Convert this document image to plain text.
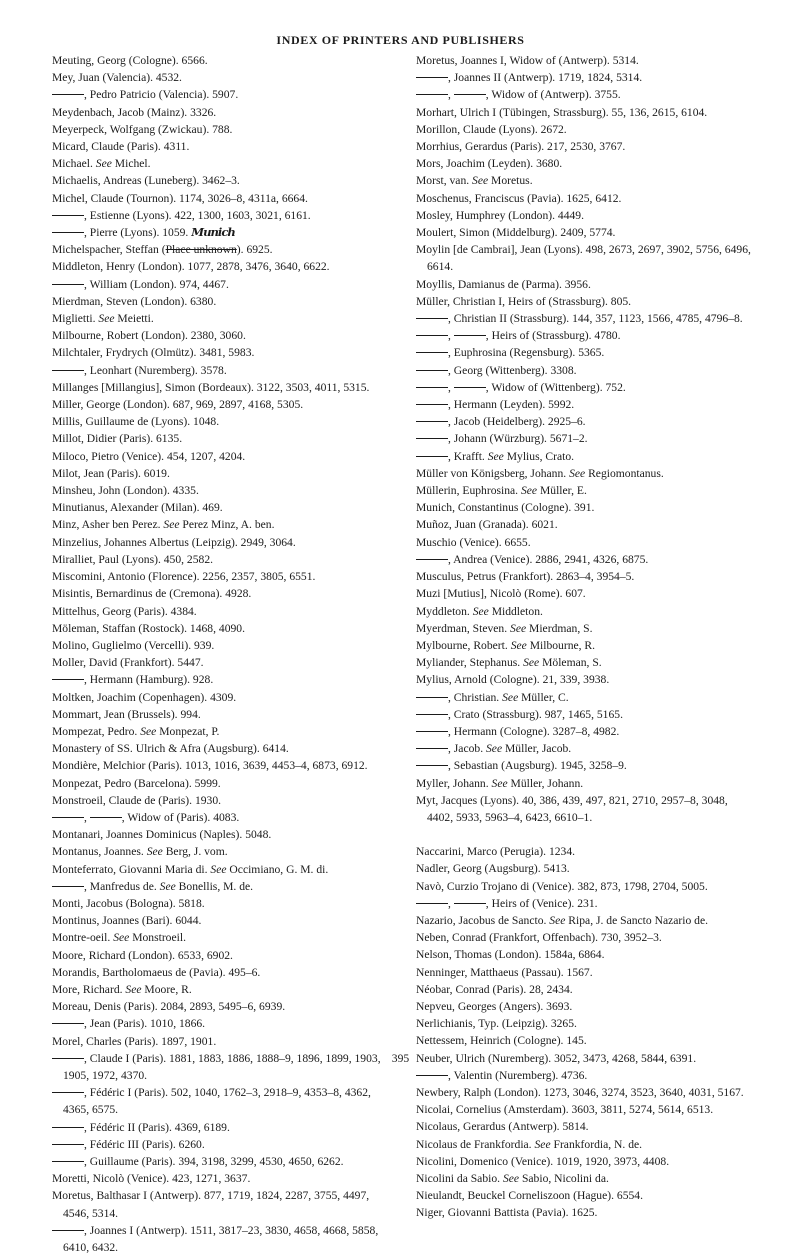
INDEX OF PRINTERS AND PUBLISHERS
Meuting, Georg (Cologne). 6566.
Mey, Juan (Valencia). 4532.
, Pedro Patricio (Valencia). 5907.
Meydenbach, Jacob (Mainz). 3326.
Meyerpeck, Wolfgang (Zwickau). 788.
Micard, Claude (Paris). 4311.
Michael. See Michel.
Michaelis, Andreas (Luneberg). 3462–3.
Michel, Claude (Tournon). 1174, 3026–8, 4311a, 6664.
, Estienne (Lyons). 422, 1300, 1603, 3021, 6161.
, Pierre (Lyons). 1059. Munich
Michelspacher, Steffan (Place unknown). 6925.
Middleton, Henry (London). 1077, 2878, 3476, 3640, 6622.
, William (London). 974, 4467.
Mierdman, Steven (London). 6380.
Miglietti. See Meietti.
Milbourne, Robert (London). 2380, 3060.
Milchtaler, Frydrych (Olmütz). 3481, 5983.
, Leonhart (Nuremberg). 3578.
Millanges [Millangius], Simon (Bordeaux). 3122, 3503, 4011, 5315.
Miller, George (London). 687, 969, 2897, 4168, 5305.
Millis, Guillaume de (Lyons). 1048.
Millot, Didier (Paris). 6135.
Miloco, Pietro (Venice). 454, 1207, 4204.
Milot, Jean (Paris). 6019.
Minsheu, John (London). 4335.
Minutianus, Alexander (Milan). 469.
Minz, Asher ben Perez. See Perez Minz, A. ben.
Minzelius, Johannes Albertus (Leipzig). 2949, 3064.
Miralliet, Paul (Lyons). 450, 2582.
Miscomini, Antonio (Florence). 2256, 2357, 3805, 6551.
Misintis, Bernardinus de (Cremona). 4928.
Mittelhus, Georg (Paris). 4384.
Möleman, Staffan (Rostock). 1468, 4090.
Molino, Guglielmo (Vercelli). 939.
Moller, David (Frankfort). 5447.
, Hermann (Hamburg). 928.
Moltken, Joachim (Copenhagen). 4309.
Mommart, Jean (Brussels). 994.
Mompezat, Pedro. See Monpezat, P.
Monastery of SS. Ulrich & Afra (Augsburg). 6414.
Mondière, Melchior (Paris). 1013, 1016, 3639, 4453–4, 6873, 6912.
Monpezat, Pedro (Barcelona). 5999.
Monstroeil, Claude de (Paris). 1930.
,	, Widow of (Paris). 4083.
Montanari, Joannes Dominicus (Naples). 5048.
Montanus, Joannes. See Berg, J. vom.
Monteferrato, Giovanni Maria di. See Occimiano, G. M. di.
, Manfredus de. See Bonellis, M. de.
Monti, Jacobus (Bologna). 5818.
Montinus, Joannes (Bari). 6044.
Montre-oeil. See Monstroeil.
Moore, Richard (London). 6533, 6902.
Morandis, Bartholomaeus de (Pavia). 495–6.
More, Richard. See Moore, R.
Moreau, Denis (Paris). 2084, 2893, 5495–6, 6939.
, Jean (Paris). 1010, 1866.
Morel, Charles (Paris). 1897, 1901.
, Claude I (Paris). 1881, 1883, 1886, 1888–9, 1896, 1899, 1903, 1905, 1972, 4370.
, Fédéric I (Paris). 502, 1040, 1762–3, 2918–9, 4353–8, 4362, 4365, 6575.
, Fédéric II (Paris). 4369, 6189.
, Fédéric III (Paris). 6260.
, Guillaume (Paris). 394, 3198, 3299, 4530, 4650, 6262.
Moretti, Nicolò (Venice). 423, 1271, 3637.
Moretus, Balthasar I (Antwerp). 877, 1719, 1824, 2287, 3755, 4497, 4546, 5314.
, Joannes I (Antwerp). 1511, 3817–23, 3830, 4658, 4668, 5858, 6410, 6432.
Moretus, Joannes I, Widow of (Antwerp). 5314.
, Joannes II (Antwerp). 1719, 1824, 5314.
,	, Widow of (Antwerp). 3755.
Morhart, Ulrich I (Tübingen, Strassburg). 55, 136, 2615, 6104.
Morillon, Claude (Lyons). 2672.
Morrhius, Gerardus (Paris). 217, 2530, 3767.
Mors, Joachim (Leyden). 3680.
Morst, van. See Moretus.
Moschenus, Franciscus (Pavia). 1625, 6412.
Mosley, Humphrey (London). 4449.
Moulert, Simon (Middelburg). 2409, 5774.
Moylin [de Cambrai], Jean (Lyons). 498, 2673, 2697, 3902, 5756, 6496, 6614.
Moyllis, Damianus de (Parma). 3956.
Müller, Christian I, Heirs of (Strassburg). 805.
, Christian II (Strassburg). 144, 357, 1123, 1566, 4785, 4796–8.
,	, Heirs of (Strassburg). 4780.
, Euphrosina (Regensburg). 5365.
, Georg (Wittenberg). 3308.
,	, Widow of (Wittenberg). 752.
, Hermann (Leyden). 5992.
, Jacob (Heidelberg). 2925–6.
, Johann (Würzburg). 5671–2.
, Krafft. See Mylius, Crato.
Müller von Königsberg, Johann. See Regiomontanus.
Müllerin, Euphrosina. See Müller, E.
Munich, Constantinus (Cologne). 391.
Muñoz, Juan (Granada). 6021.
Muschio (Venice). 6655.
, Andrea (Venice). 2886, 2941, 4326, 6875.
Musculus, Petrus (Frankfort). 2863–4, 3954–5.
Muzi [Mutius], Nicolò (Rome). 607.
Myddleton. See Middleton.
Myerdman, Steven. See Mierdman, S.
Mylbourne, Robert. See Milbourne, R.
Myliander, Stephanus. See Möleman, S.
Mylius, Arnold (Cologne). 21, 339, 3938.
, Christian. See Müller, C.
, Crato (Strassburg). 987, 1465, 5165.
, Hermann (Cologne). 3287–8, 4982.
, Jacob. See Müller, Jacob.
, Sebastian (Augsburg). 1945, 3258–9.
Myller, Johann. See Müller, Johann.
Myt, Jacques (Lyons). 40, 386, 439, 497, 821, 2710, 2957–8, 3048, 4402, 5933, 5963–4, 6423, 6610–1.
Naccarini, Marco (Perugia). 1234.
Nadler, Georg (Augsburg). 5413.
Navò, Curzio Trojano di (Venice). 382, 873, 1798, 2704, 5005.
,	, Heirs of (Venice). 231.
Nazario, Jacobus de Sancto. See Ripa, J. de Sancto Nazario de.
Neben, Conrad (Frankfort, Offenbach). 730, 3952–3.
Nelson, Thomas (London). 1584a, 6864.
Nenninger, Matthaeus (Passau). 1567.
Néobar, Conrad (Paris). 28, 2434.
Nepveu, Georges (Angers). 3693.
Nerlichianis, Typ. (Leipzig). 3265.
Nettessem, Heinrich (Cologne). 145.
Neuber, Ulrich (Nuremberg). 3052, 3473, 4268, 5844, 6391.
, Valentin (Nuremberg). 4736.
Newbery, Ralph (London). 1273, 3046, 3274, 3523, 3640, 4031, 5167.
Nicolai, Cornelius (Amsterdam). 3603, 3811, 5274, 5614, 6513.
Nicolaus, Gerardus (Antwerp). 5814.
Nicolaus de Frankfordia. See Frankfordia, N. de.
Nicolini, Domenico (Venice). 1019, 1920, 3973, 4408.
Nicolini da Sabio. See Sabio, Nicolini da.
Nieulandt, Beuckel Corneliszoon (Hague). 6554.
Niger, Giovanni Battista (Pavia). 1625.
395
